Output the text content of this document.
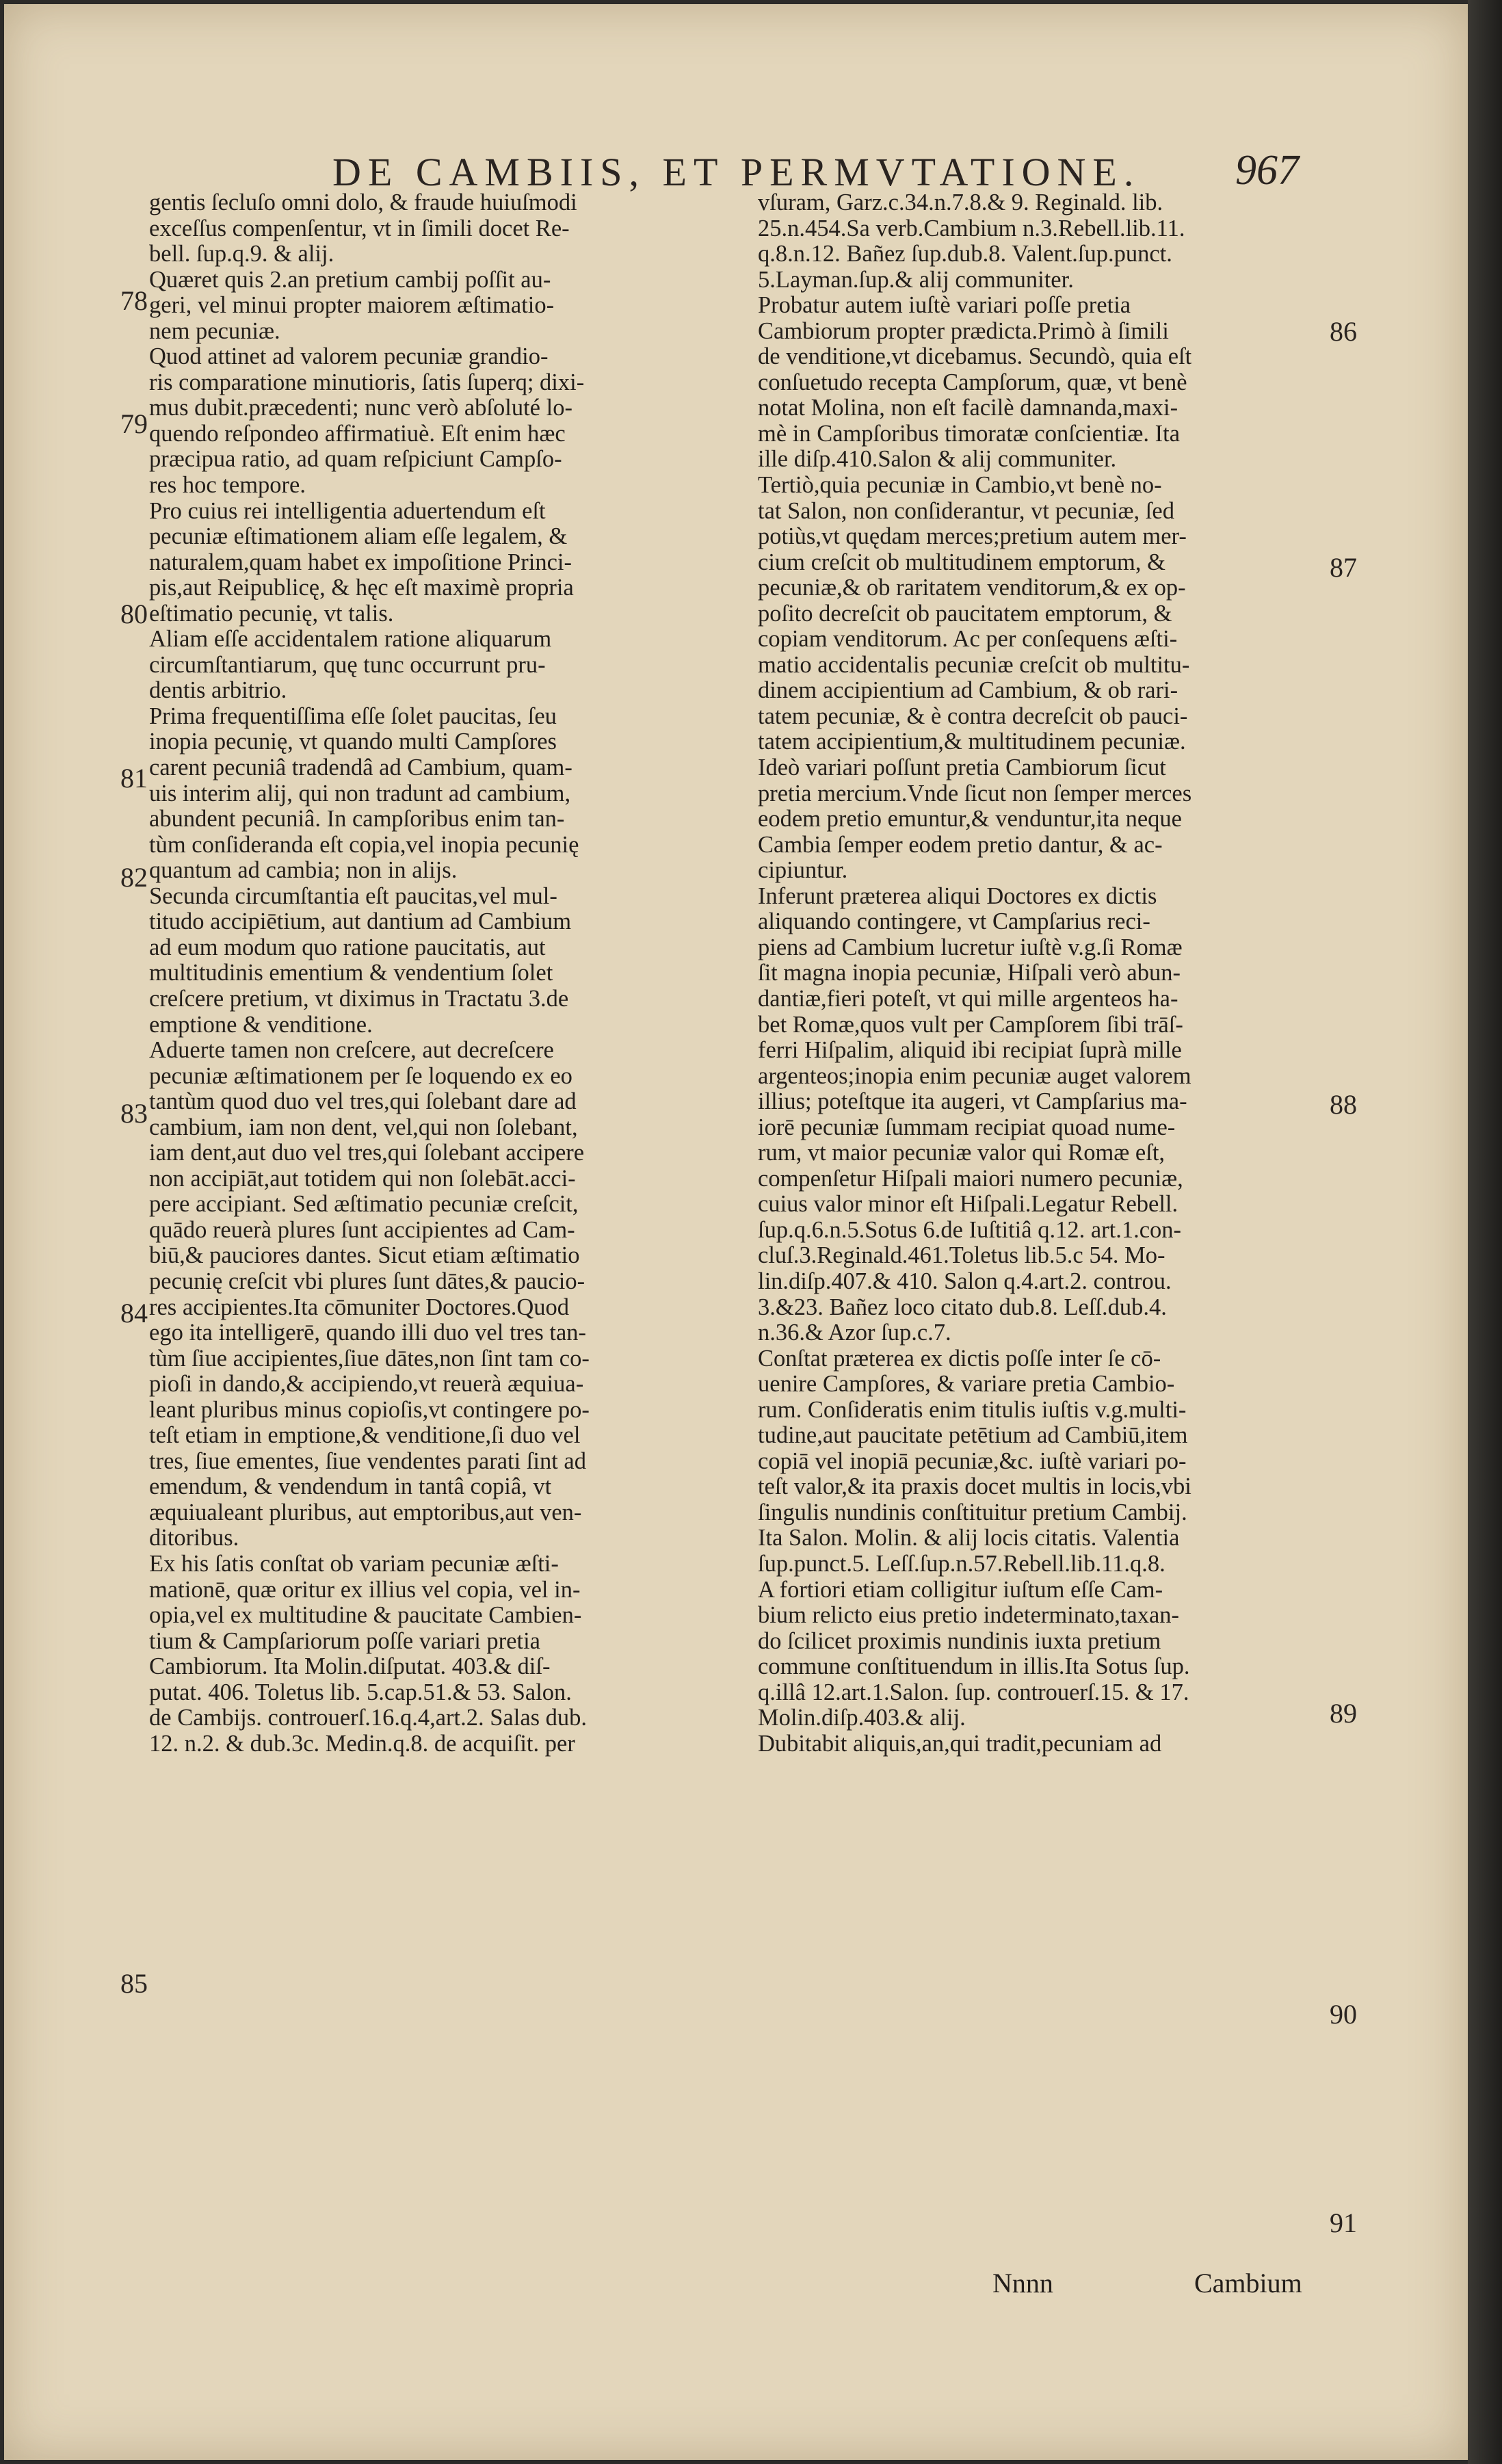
DE CAMBIIS, ET PERMVTATIONE.	967
gentis ſecluſo omni dolo, & fraude huiuſmodi
exceſſus compenſentur, vt in ſimili docet Re-
bell. ſup.q.9. & alij.
Quæret quis 2.an pretium cambij poſſit au-
geri, vel minui propter maiorem æſtimatio-
nem pecuniæ.
Quod attinet ad valorem pecuniæ grandio-
ris comparatione minutioris, ſatis ſuperq; dixi-
mus dubit.præcedenti; nunc verò abſoluté lo-
quendo reſpondeo affirmatiuè. Eſt enim hæc
præcipua ratio, ad quam reſpiciunt Campſo-
res hoc tempore.
Pro cuius rei intelligentia aduertendum eſt
pecuniæ eſtimationem aliam eſſe legalem, &
naturalem,quam habet ex impoſitione Princi-
pis,aut Reipublicę, & hęc eſt maximè propria
eſtimatio pecunię, vt talis.
Aliam eſſe accidentalem ratione aliquarum
circumſtantiarum, quę tunc occurrunt pru-
dentis arbitrio.
Prima frequentiſſima eſſe ſolet paucitas, ſeu
inopia pecunię, vt quando multi Campſores
carent pecuniâ tradendâ ad Cambium, quam-
uis interim alij, qui non tradunt ad cambium,
abundent pecuniâ. In campſoribus enim tan-
tùm conſideranda eſt copia,vel inopia pecunię
quantum ad cambia; non in alijs.
Secunda circumſtantia eſt paucitas,vel mul-
titudo accipiētium, aut dantium ad Cambium
ad eum modum quo ratione paucitatis, aut
multitudinis ementium & vendentium ſolet
creſcere pretium, vt diximus in Tractatu 3.de
emptione & venditione.
Aduerte tamen non creſcere, aut decreſcere
pecuniæ æſtimationem per ſe loquendo ex eo
tantùm quod duo vel tres,qui ſolebant dare ad
cambium, iam non dent, vel,qui non ſolebant,
iam dent,aut duo vel tres,qui ſolebant accipere
non accipiāt,aut totidem qui non ſolebāt.acci-
pere accipiant. Sed æſtimatio pecuniæ creſcit,
quādo reuerà plures ſunt accipientes ad Cam-
biū,& pauciores dantes. Sicut etiam æſtimatio
pecunię creſcit vbi plures ſunt dātes,& paucio-
res accipientes.Ita cōmuniter Doctores.Quod
ego ita intelligerē, quando illi duo vel tres tan-
tùm ſiue accipientes,ſiue dātes,non ſint tam co-
pioſi in dando,& accipiendo,vt reuerà æquiua-
leant pluribus minus copioſis,vt contingere po-
teſt etiam in emptione,& venditione,ſi duo vel
tres, ſiue ementes, ſiue vendentes parati ſint ad
emendum, & vendendum in tantâ copiâ, vt
æquiualeant pluribus, aut emptoribus,aut ven-
ditoribus.
Ex his ſatis conſtat ob variam pecuniæ æſti-
mationē, quæ oritur ex illius vel copia, vel in-
opia,vel ex multitudine & paucitate Cambien-
tium & Campſariorum poſſe variari pretia
Cambiorum. Ita Molin.diſputat. 403.& diſ-
putat. 406. Toletus lib. 5.cap.51.& 53. Salon.
de Cambijs. controuerſ.16.q.4,art.2. Salas dub.
12. n.2. & dub.3c. Medin.q.8. de acquiſit. per
vſuram, Garz.c.34.n.7.8.& 9. Reginald. lib.
25.n.454.Sa verb.Cambium n.3.Rebell.lib.11.
q.8.n.12. Bañez ſup.dub.8. Valent.ſup.punct.
5.Layman.ſup.& alij communiter.
Probatur autem iuſtè variari poſſe pretia
Cambiorum propter prædicta.Primò à ſimili
de venditione,vt dicebamus. Secundò, quia eſt
conſuetudo recepta Campſorum, quæ, vt benè
notat Molina, non eſt facilè damnanda,maxi-
mè in Campſoribus timoratæ conſcientiæ. Ita
ille diſp.410.Salon & alij communiter.
Tertiò,quia pecuniæ in Cambio,vt benè no-
tat Salon, non conſiderantur, vt pecuniæ, ſed
potiùs,vt quędam merces;pretium autem mer-
cium creſcit ob multitudinem emptorum, &
pecuniæ,& ob raritatem venditorum,& ex op-
poſito decreſcit ob paucitatem emptorum, &
copiam venditorum. Ac per conſequens æſti-
matio accidentalis pecuniæ creſcit ob multitu-
dinem accipientium ad Cambium, & ob rari-
tatem pecuniæ, & è contra decreſcit ob pauci-
tatem accipientium,& multitudinem pecuniæ.
Ideò variari poſſunt pretia Cambiorum ſicut
pretia mercium.Vnde ſicut non ſemper merces
eodem pretio emuntur,& venduntur,ita neque
Cambia ſemper eodem pretio dantur, & ac-
cipiuntur.
Inferunt præterea aliqui Doctores ex dictis
aliquando contingere, vt Campſarius reci-
piens ad Cambium lucretur iuſtè v.g.ſi Romæ
ſit magna inopia pecuniæ, Hiſpali verò abun-
dantiæ,fieri poteſt, vt qui mille argenteos ha-
bet Romæ,quos vult per Campſorem ſibi trāſ-
ferri Hiſpalim, aliquid ibi recipiat ſuprà mille
argenteos;inopia enim pecuniæ auget valorem
illius; poteſtque ita augeri, vt Campſarius ma-
iorē pecuniæ ſummam recipiat quoad nume-
rum, vt maior pecuniæ valor qui Romæ eſt,
compenſetur Hiſpali maiori numero pecuniæ,
cuius valor minor eſt Hiſpali.Legatur Rebell.
ſup.q.6.n.5.Sotus 6.de Iuſtitiâ q.12. art.1.con-
cluſ.3.Reginald.461.Toletus lib.5.c 54. Mo-
lin.diſp.407.& 410. Salon q.4.art.2. controu.
3.&23. Bañez loco citato dub.8. Leſſ.dub.4.
n.36.& Azor ſup.c.7.
Conſtat præterea ex dictis poſſe inter ſe cō-
uenire Campſores, & variare pretia Cambio-
rum. Conſideratis enim titulis iuſtis v.g.multi-
tudine,aut paucitate petētium ad Cambiū,item
copiā vel inopiā pecuniæ,&c. iuſtè variari po-
teſt valor,& ita praxis docet multis in locis,vbi
ſingulis nundinis conſtituitur pretium Cambij.
Ita Salon. Molin. & alij locis citatis. Valentia
ſup.punct.5. Leſſ.ſup.n.57.Rebell.lib.11.q.8.
A fortiori etiam colligitur iuſtum eſſe Cam-
bium relicto eius pretio indeterminato,taxan-
do ſcilicet proximis nundinis iuxta pretium
commune conſtituendum in illis.Ita Sotus ſup.
q.illâ 12.art.1.Salon. ſup. controuerſ.15. & 17.
Molin.diſp.403.& alij.
Dubitabit aliquis,an,qui tradit,pecuniam ad
78
79
80
81
82
83
84
85
86
87
88
89
90
91
Nnnn	Cambium
